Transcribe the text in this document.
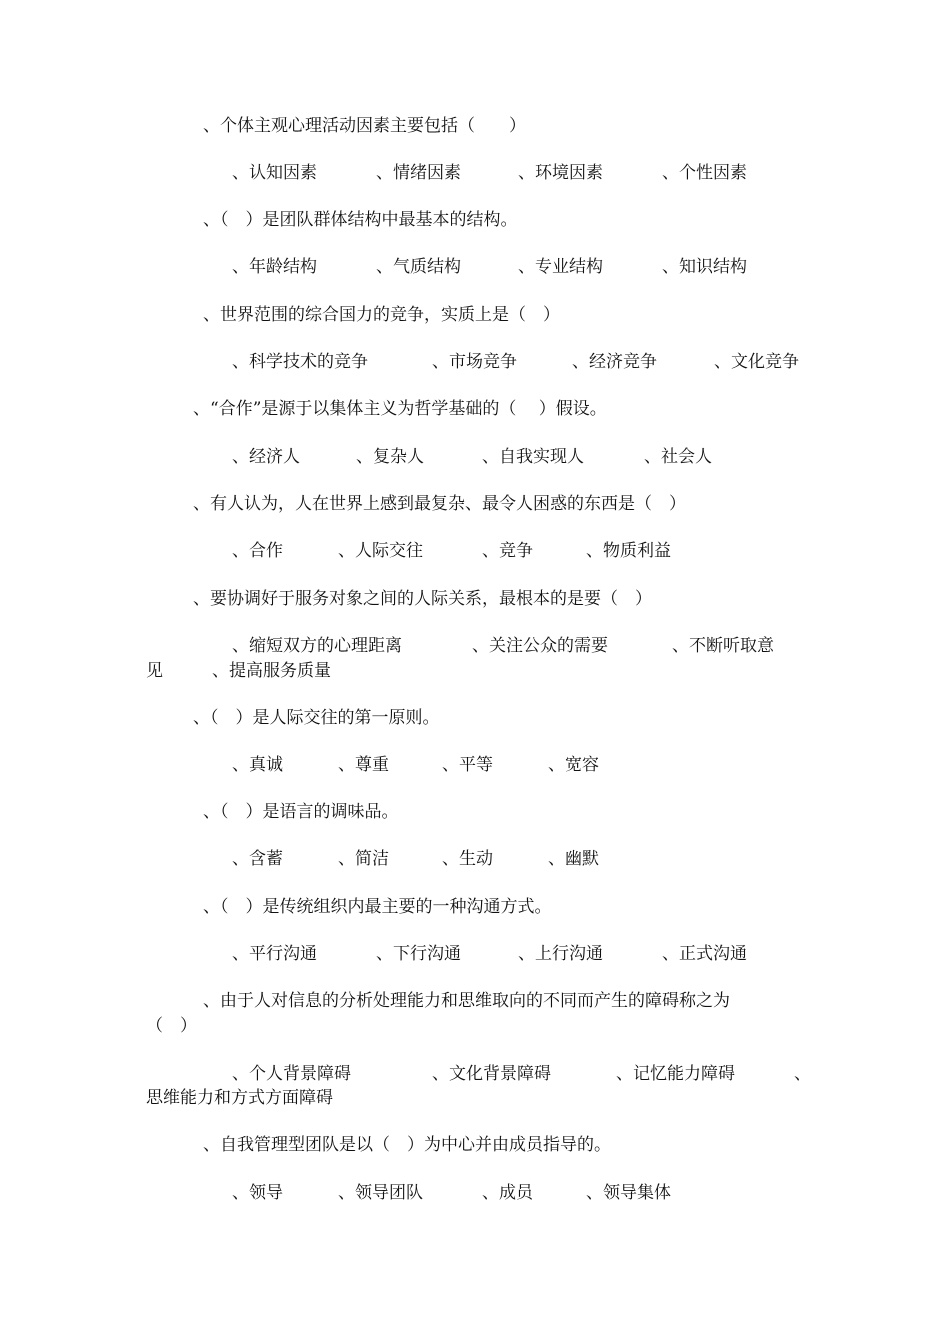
、个体主观心理活动因素主要包括（　　）
、认知因素	、情绪因素	、环境因素	、个性因素
、（　）是团队群体结构中最基本的结构。
、年龄结构	、气质结构	、专业结构	、知识结构
、世界范围的综合国力的竞争，实质上是（　）
、科学技术的竞争	、市场竞争	、经济竞争	、文化竞争
、“合作”是源于以集体主义为哲学基础的（　 ）假设。
、经济人	、复杂人	、自我实现人	、社会人
、有人认为，人在世界上感到最复杂、最令人困惑的东西是（　）
、合作	、人际交往	、竞争	、物质利益
、要协调好于服务对象之间的人际关系，最根本的是要（　）
、缩短双方的心理距离	、关注公众的需要	、不断听取意
见	、提高服务质量
、（　）是人际交往的第一原则。
、真诚	、尊重	、平等	、宽容
、（　）是语言的调味品。
、含蓄	、简洁	、生动	、幽默
、（　）是传统组织内最主要的一种沟通方式。
、平行沟通	、下行沟通	、上行沟通	、正式沟通
、由于人对信息的分析处理能力和思维取向的不同而产生的障碍称之为
（　）
、个人背景障碍	、文化背景障碍	、记忆能力障碍	、
思维能力和方式方面障碍
、自我管理型团队是以（　）为中心并由成员指导的。
、领导	、领导团队	、成员	、领导集体
